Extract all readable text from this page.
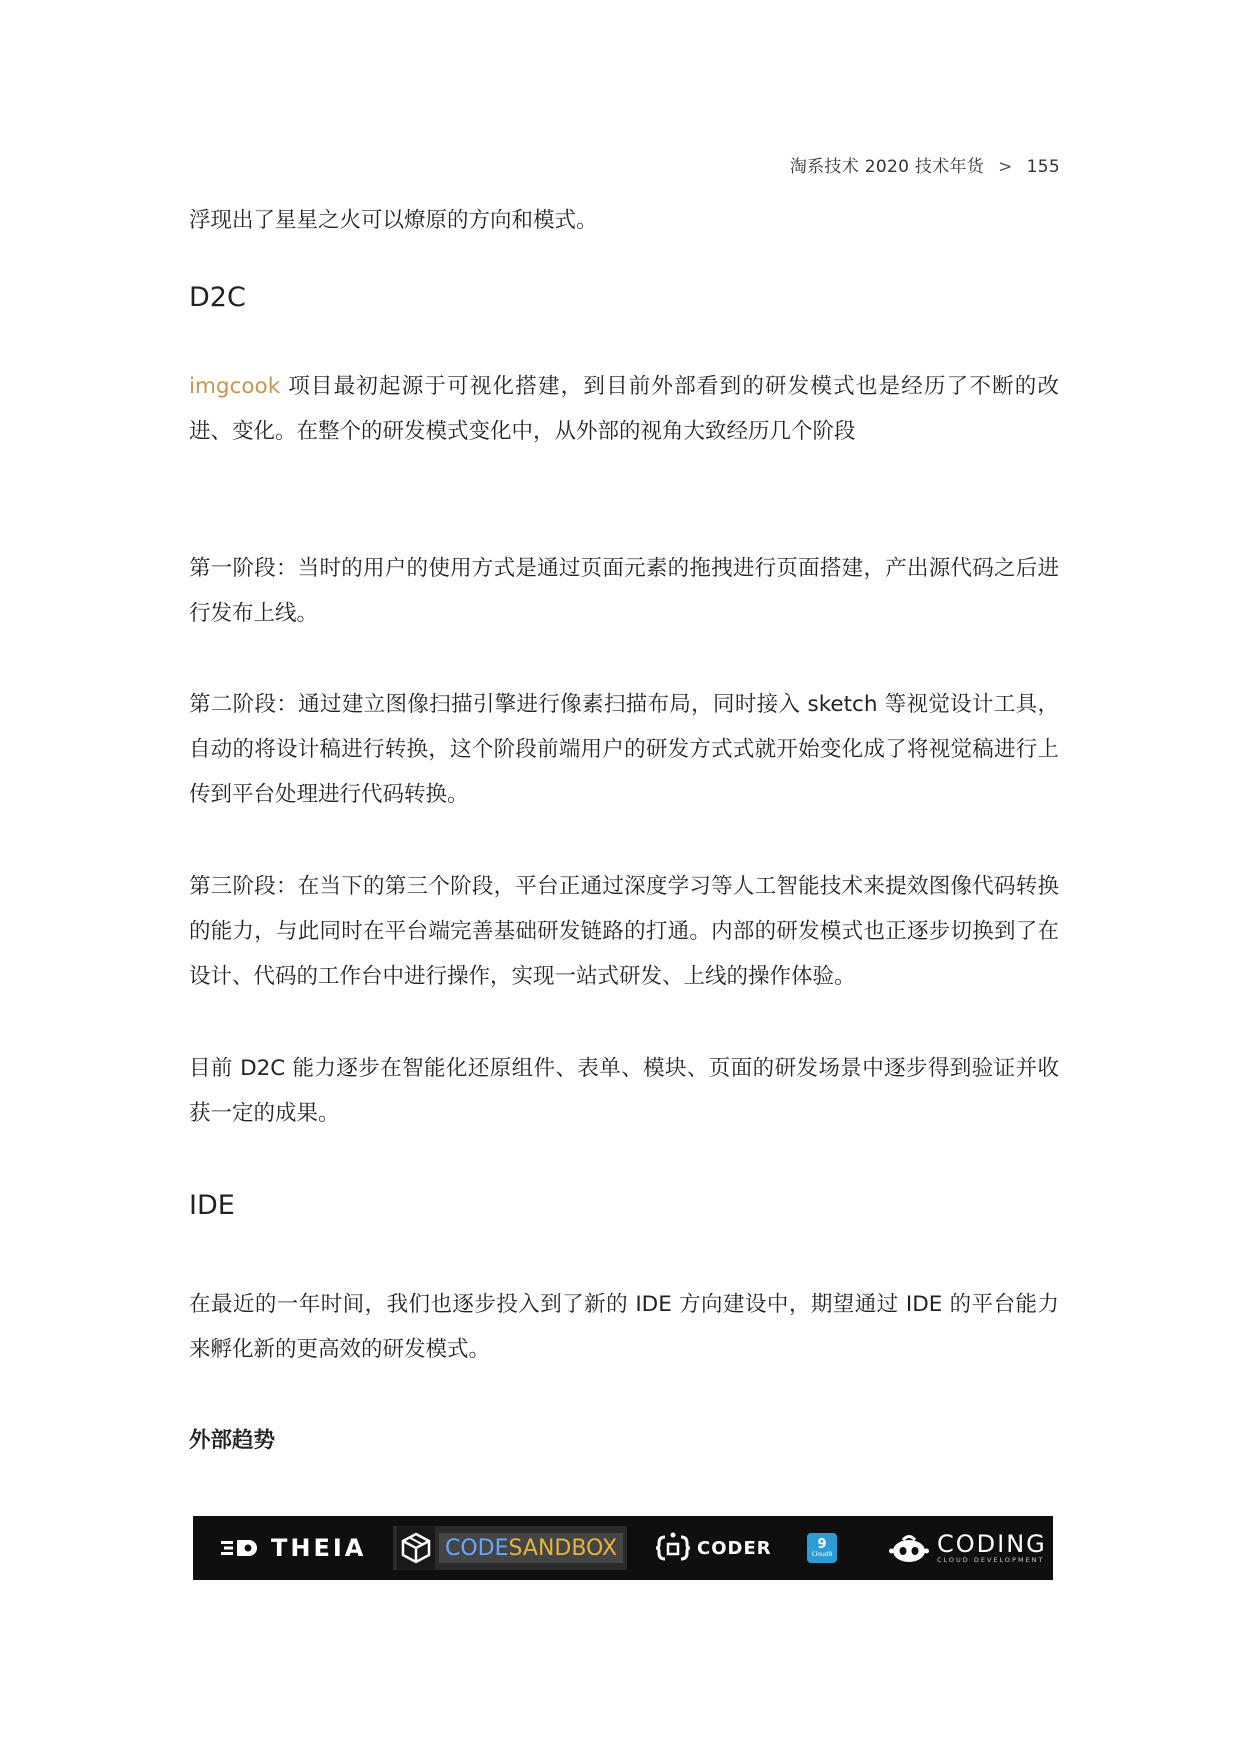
淘系技术 2020 技术年货 > 155

浮现出了星星之火可以燎原的方向和模式。

D2C

imgcook 项目最初起源于可视化搭建，到目前外部看到的研发模式也是经历了不断的改进、变化。在整个的研发模式变化中，从外部的视角大致经历几个阶段

第一阶段：当时的用户的使用方式是通过页面元素的拖拽进行页面搭建，产出源代码之后进行发布上线。

第二阶段：通过建立图像扫描引擎进行像素扫描布局，同时接入 sketch 等视觉设计工具，自动的将设计稿进行转换，这个阶段前端用户的研发方式式就开始变化成了将视觉稿进行上传到平台处理进行代码转换。

第三阶段：在当下的第三个阶段，平台正通过深度学习等人工智能技术来提效图像代码转换的能力，与此同时在平台端完善基础研发链路的打通。内部的研发模式也正逐步切换到了在设计、代码的工作台中进行操作，实现一站式研发、上线的操作体验。

目前 D2C 能力逐步在智能化还原组件、表单、模块、页面的研发场景中逐步得到验证并收获一定的成果。

IDE

在最近的一年时间，我们也逐步投入到了新的 IDE 方向建设中，期望通过 IDE 的平台能力来孵化新的更高效的研发模式。

外部趋势
THEIA	CODE SANDBOX	CODER	9
Cloud9	CODING
CLOUD DEVELOPMENT
